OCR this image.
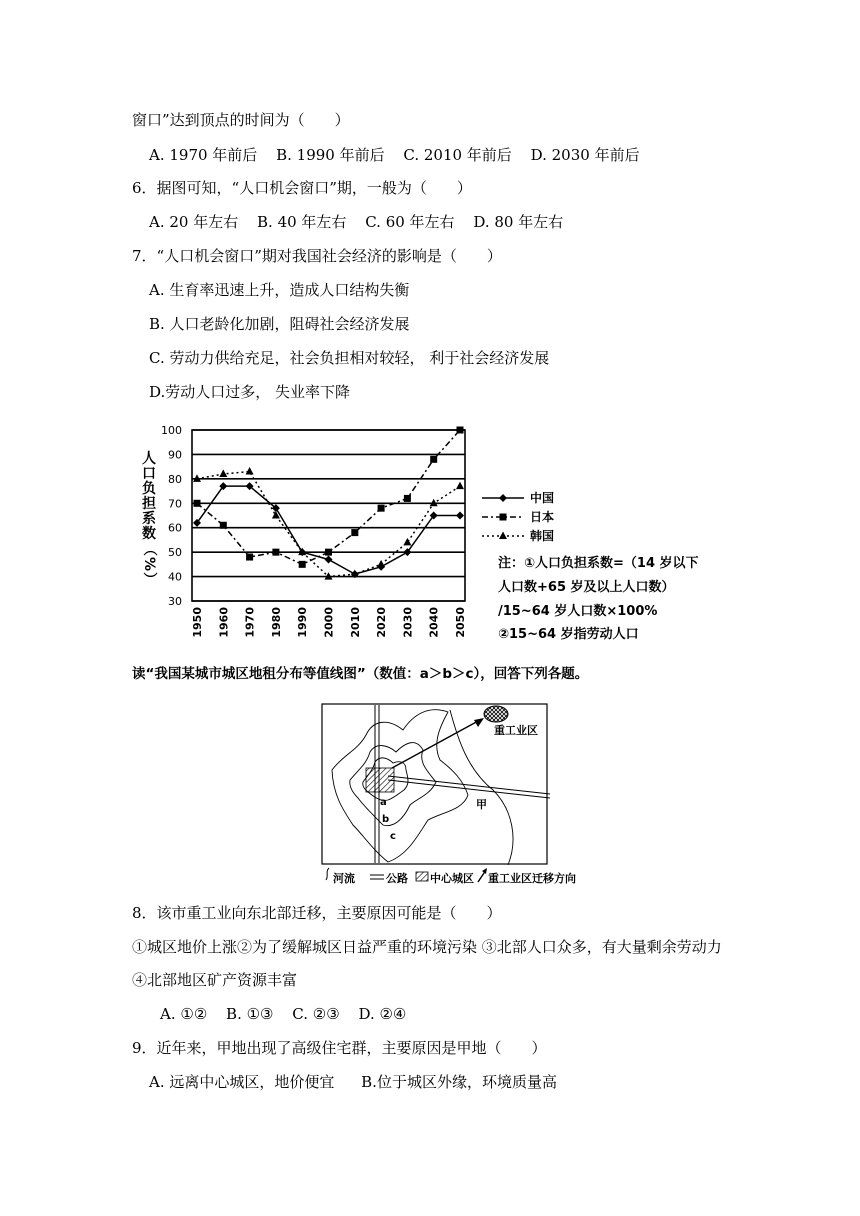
窗口”达到顶点的时间为（　　）
A. 1970 年前后 B. 1990 年前后 C. 2010 年前后 D. 2030 年前后
6．据图可知，“人口机会窗口”期，一般为（　　）
A. 20 年左右 B. 40 年左右 C. 60 年左右 D. 80 年左右
7．“人口机会窗口”期对我国社会经济的影响是（　　）
A. 生育率迅速上升，造成人口结构失衡
B. 人口老龄化加剧，阻碍社会经济发展
C. 劳动力供给充足，社会负担相对较轻， 利于社会经济发展
D.劳动人口过多， 失业率下降
30
40
50
60
70
80
90
100
1950 1960 1970 1980 1990 2000 2010 2020 2030 2040 2050
人
口
负
担
系
数
（
%
）
中国
日本
韩国
注：①人口负担系数=（14 岁以下
人口数+65 岁及以上人口数）
/15~64 岁人口数×100%
②15~64 岁指劳动人口
读“我国某城市城区地租分布等值线图”（数值：a＞b＞c），回答下列各题。
重工业区
甲
a
b
c
河流	公路 中心城区 重工业区迁移方向
8．该市重工业向东北部迁移，主要原因可能是（　　）
①城区地价上涨②为了缓解城区日益严重的环境污染 ③北部人口众多，有大量剩余劳动力
④北部地区矿产资源丰富
A. ①② B. ①③ C. ②③ D. ②④
9．近年来，甲地出现了高级住宅群，主要原因是甲地（　　）
A. 远离中心城区，地价便宜 B.位于城区外缘，环境质量高
